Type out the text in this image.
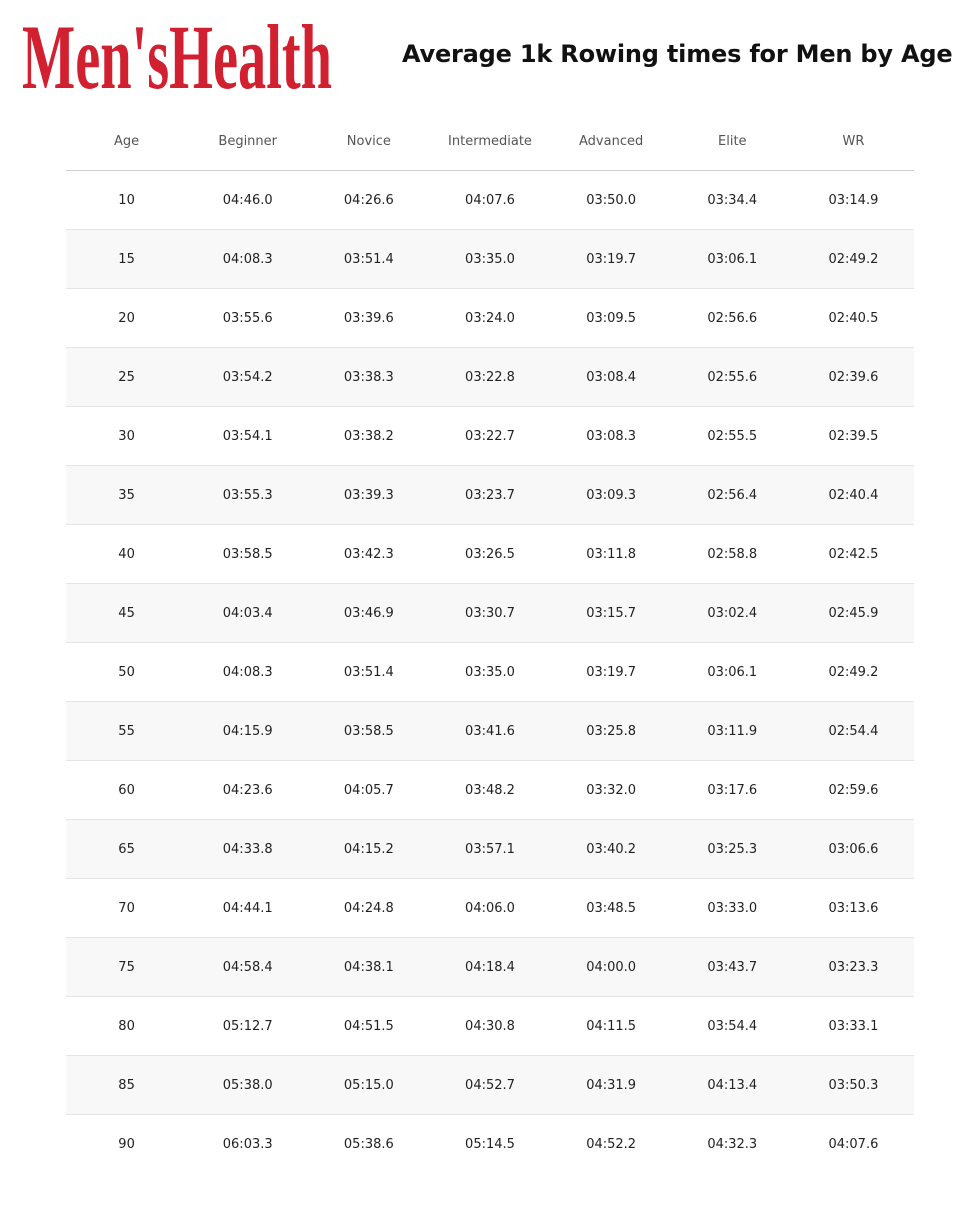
Men'sHealth	Average 1k Rowing times for Men by Age
Age	Beginner	Novice	Intermediate	Advanced	Elite	WR
10	04:46.0	04:26.6	04:07.6	03:50.0	03:34.4	03:14.9
15	04:08.3	03:51.4	03:35.0	03:19.7	03:06.1	02:49.2
20	03:55.6	03:39.6	03:24.0	03:09.5	02:56.6	02:40.5
25	03:54.2	03:38.3	03:22.8	03:08.4	02:55.6	02:39.6
30	03:54.1	03:38.2	03:22.7	03:08.3	02:55.5	02:39.5
35	03:55.3	03:39.3	03:23.7	03:09.3	02:56.4	02:40.4
40	03:58.5	03:42.3	03:26.5	03:11.8	02:58.8	02:42.5
45	04:03.4	03:46.9	03:30.7	03:15.7	03:02.4	02:45.9
50	04:08.3	03:51.4	03:35.0	03:19.7	03:06.1	02:49.2
55	04:15.9	03:58.5	03:41.6	03:25.8	03:11.9	02:54.4
60	04:23.6	04:05.7	03:48.2	03:32.0	03:17.6	02:59.6
65	04:33.8	04:15.2	03:57.1	03:40.2	03:25.3	03:06.6
70	04:44.1	04:24.8	04:06.0	03:48.5	03:33.0	03:13.6
75	04:58.4	04:38.1	04:18.4	04:00.0	03:43.7	03:23.3
80	05:12.7	04:51.5	04:30.8	04:11.5	03:54.4	03:33.1
85	05:38.0	05:15.0	04:52.7	04:31.9	04:13.4	03:50.3
90	06:03.3	05:38.6	05:14.5	04:52.2	04:32.3	04:07.6
